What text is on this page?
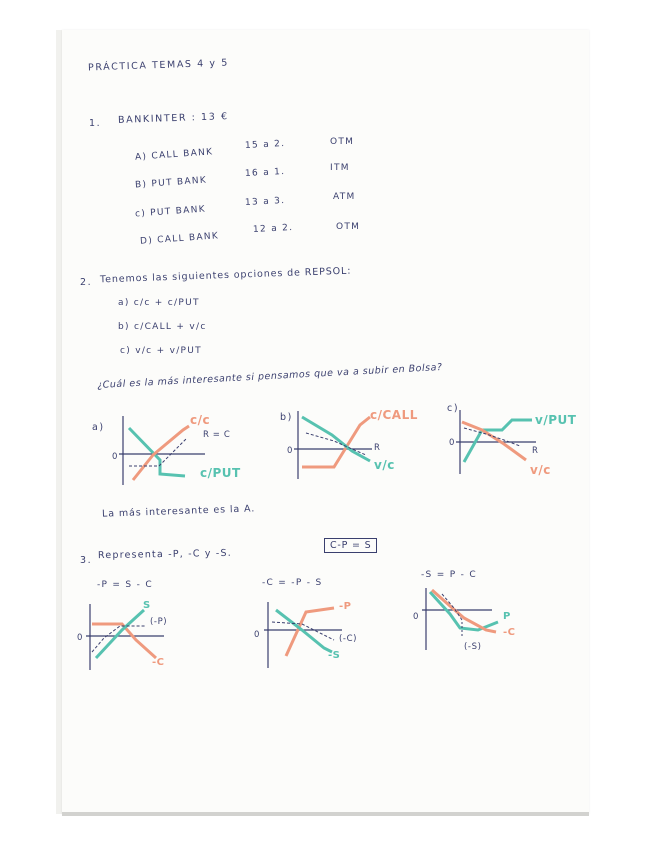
PRÁCTICA TEMAS 4 y 5
1. BANKINTER : 13 €
A) CALL BANK
15 a 2.	OTM
B) PUT BANK
16 a 1.	ITM
c) PUT BANK
13 a 3.	ATM
D) CALL BANK
12 a 2.	OTM
2. Tenemos las siguientes opciones de REPSOL:
a) c/c + c/PUT
b) c/CALL + v/c
c) v/c + v/PUT
¿Cuál es la más interesante si pensamos que va a subir en Bolsa?
a)
0
c/c
R = C
c/PUT
b)
0
c/CALL
R
v/c
c)
0
v/PUT
R
v/c
La más interesante es la A.
3. Representa -P, -C y -S.
C-P = S
-P = S - C	-C = -P - S
-S = P - C
0
S
(-P)
-C
0
-P
(-C)
-S
0	P
(-S)
-C
